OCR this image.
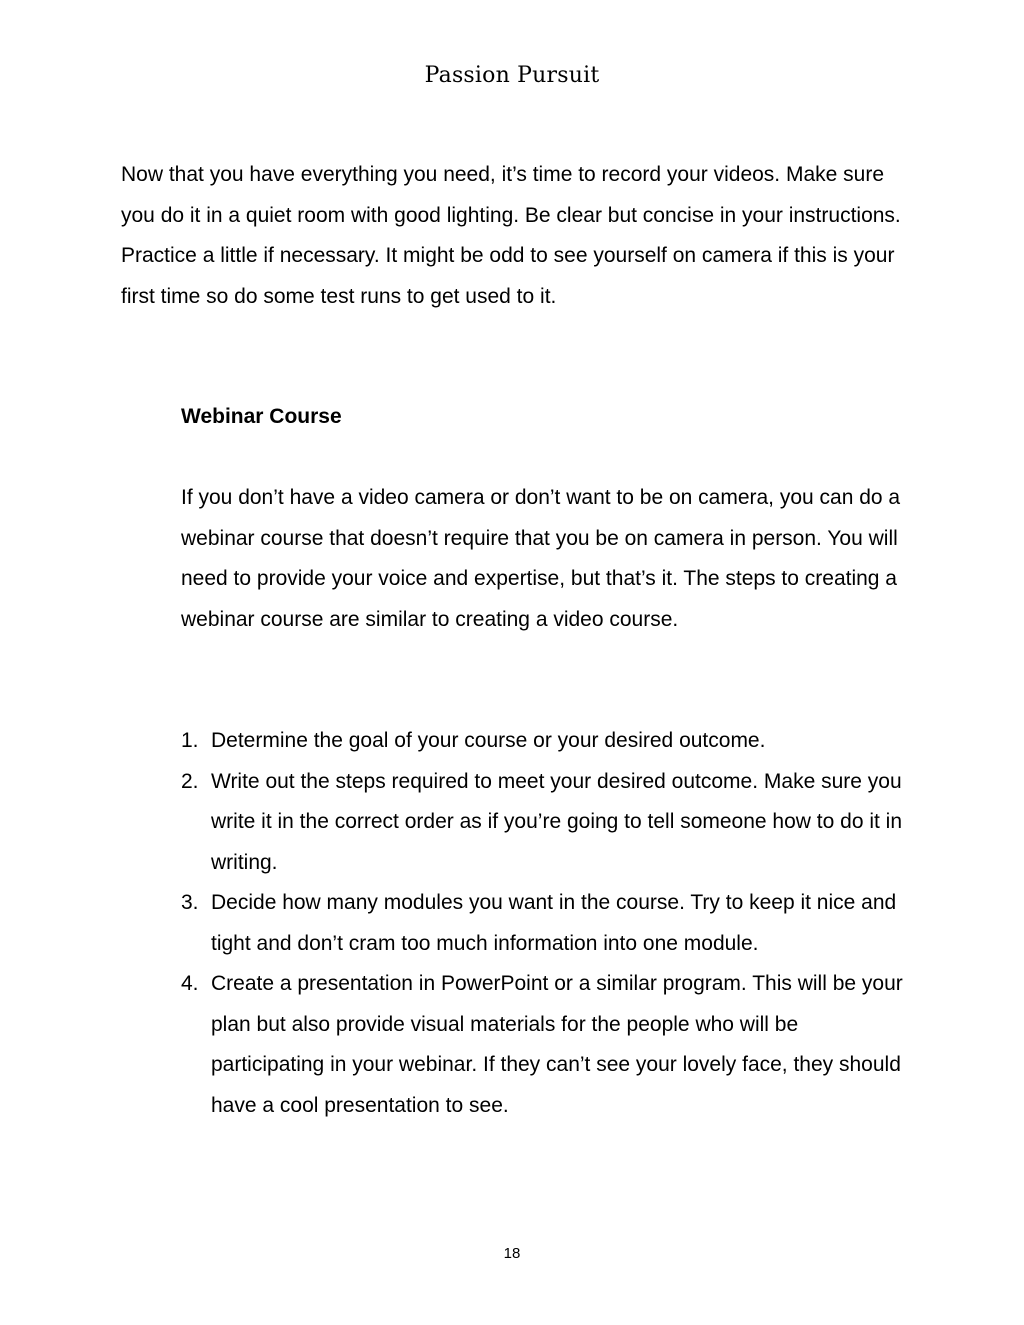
Passion Pursuit

Now that you have everything you need, it’s time to record your videos. Make sure you do it in a quiet room with good lighting. Be clear but concise in your instructions. Practice a little if necessary. It might be odd to see yourself on camera if this is your first time so do some test runs to get used to it.

Webinar Course

If you don’t have a video camera or don’t want to be on camera, you can do a webinar course that doesn’t require that you be on camera in person. You will need to provide your voice and expertise, but that’s it. The steps to creating a webinar course are similar to creating a video course.

1. Determine the goal of your course or your desired outcome.
2. Write out the steps required to meet your desired outcome. Make sure you write it in the correct order as if you’re going to tell someone how to do it in writing.
3. Decide how many modules you want in the course. Try to keep it nice and tight and don’t cram too much information into one module.
4. Create a presentation in PowerPoint or a similar program. This will be your plan but also provide visual materials for the people who will be participating in your webinar. If they can’t see your lovely face, they should have a cool presentation to see.
18
